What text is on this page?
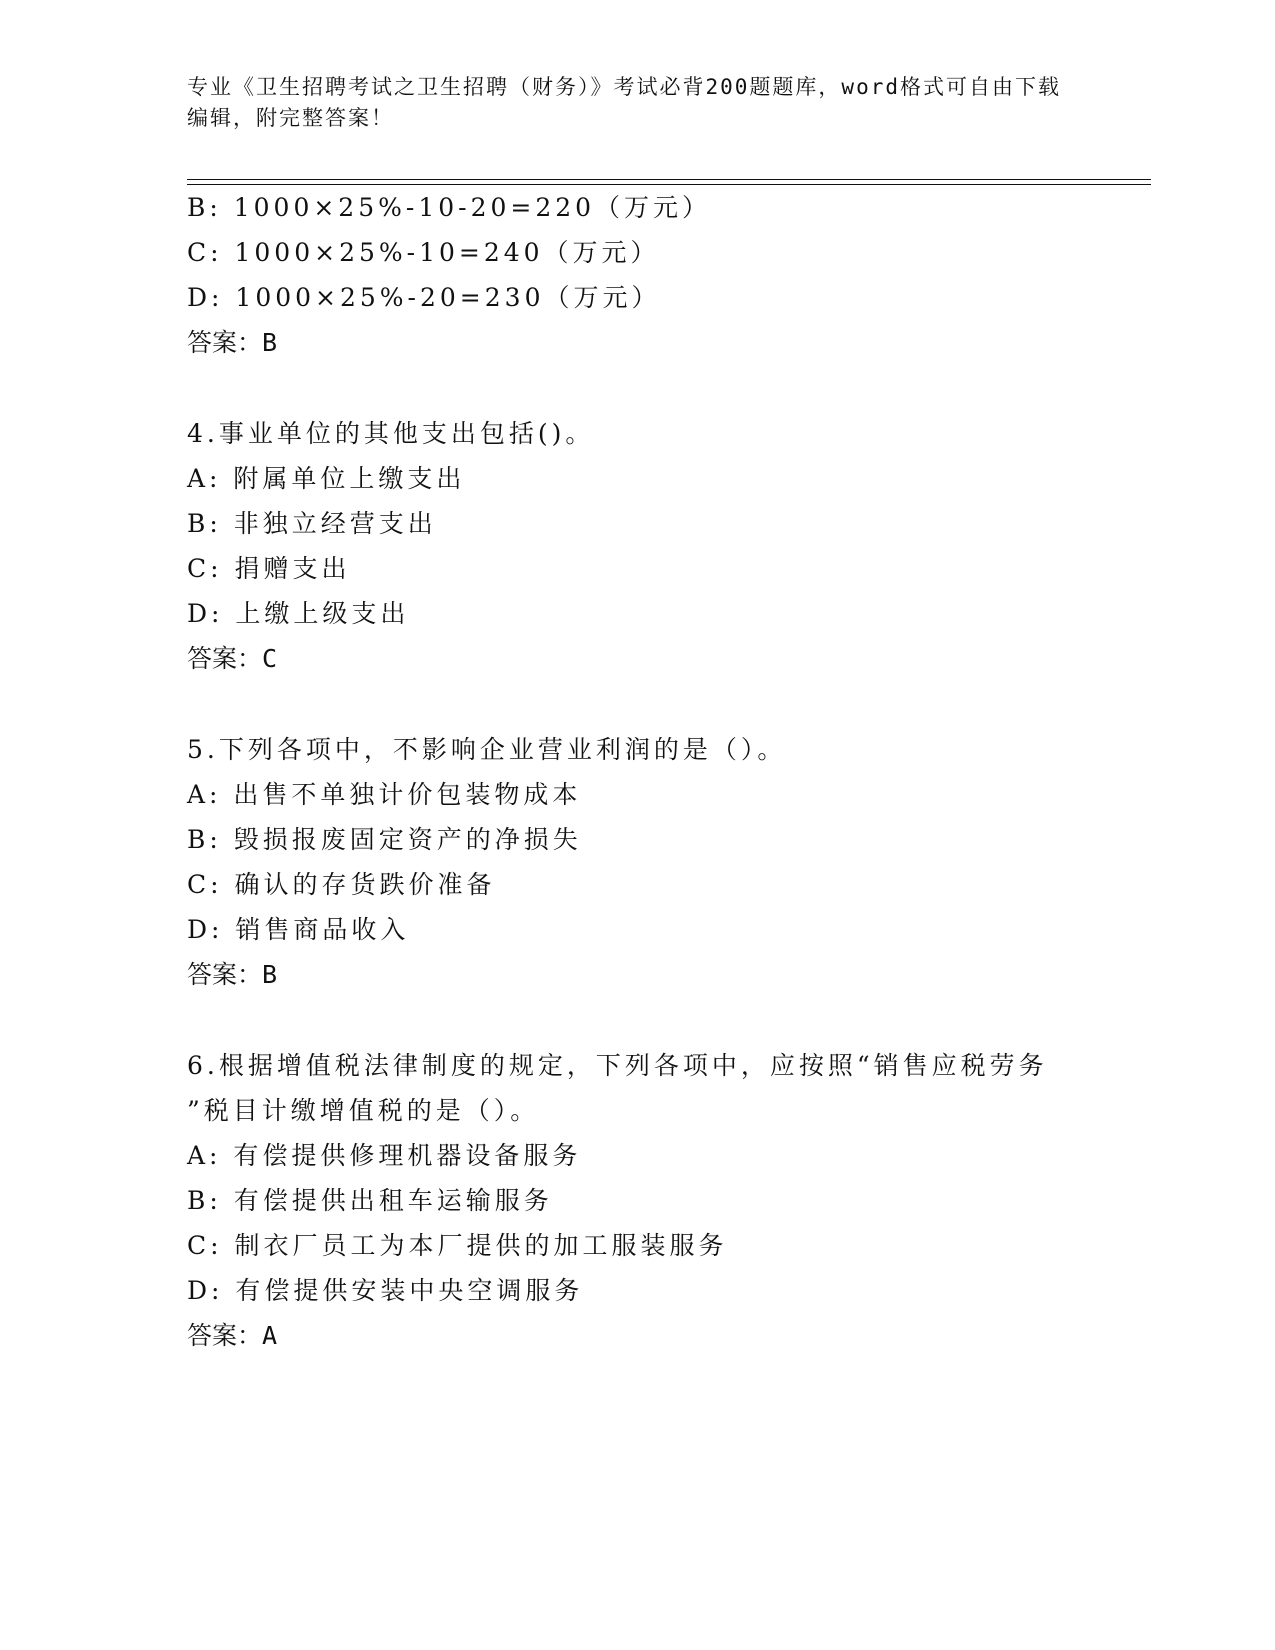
专业《卫生招聘考试之卫生招聘（财务）》考试必背200题题库，word格式可自由下载编辑，附完整答案！
B: 1000×25%-10-20=220（万元）
C: 1000×25%-10=240（万元）
D: 1000×25%-20=230（万元）
答案：B
4.事业单位的其他支出包括()。
A: 附属单位上缴支出
B: 非独立经营支出
C: 捐赠支出
D: 上缴上级支出
答案：C
5.下列各项中，不影响企业营业利润的是（）。
A: 出售不单独计价包装物成本
B: 毁损报废固定资产的净损失
C: 确认的存货跌价准备
D: 销售商品收入
答案：B
6.根据增值税法律制度的规定，下列各项中，应按照“销售应税劳务
”税目计缴增值税的是（）。
A: 有偿提供修理机器设备服务
B: 有偿提供出租车运输服务
C: 制衣厂员工为本厂提供的加工服装服务
D: 有偿提供安装中央空调服务
答案：A
